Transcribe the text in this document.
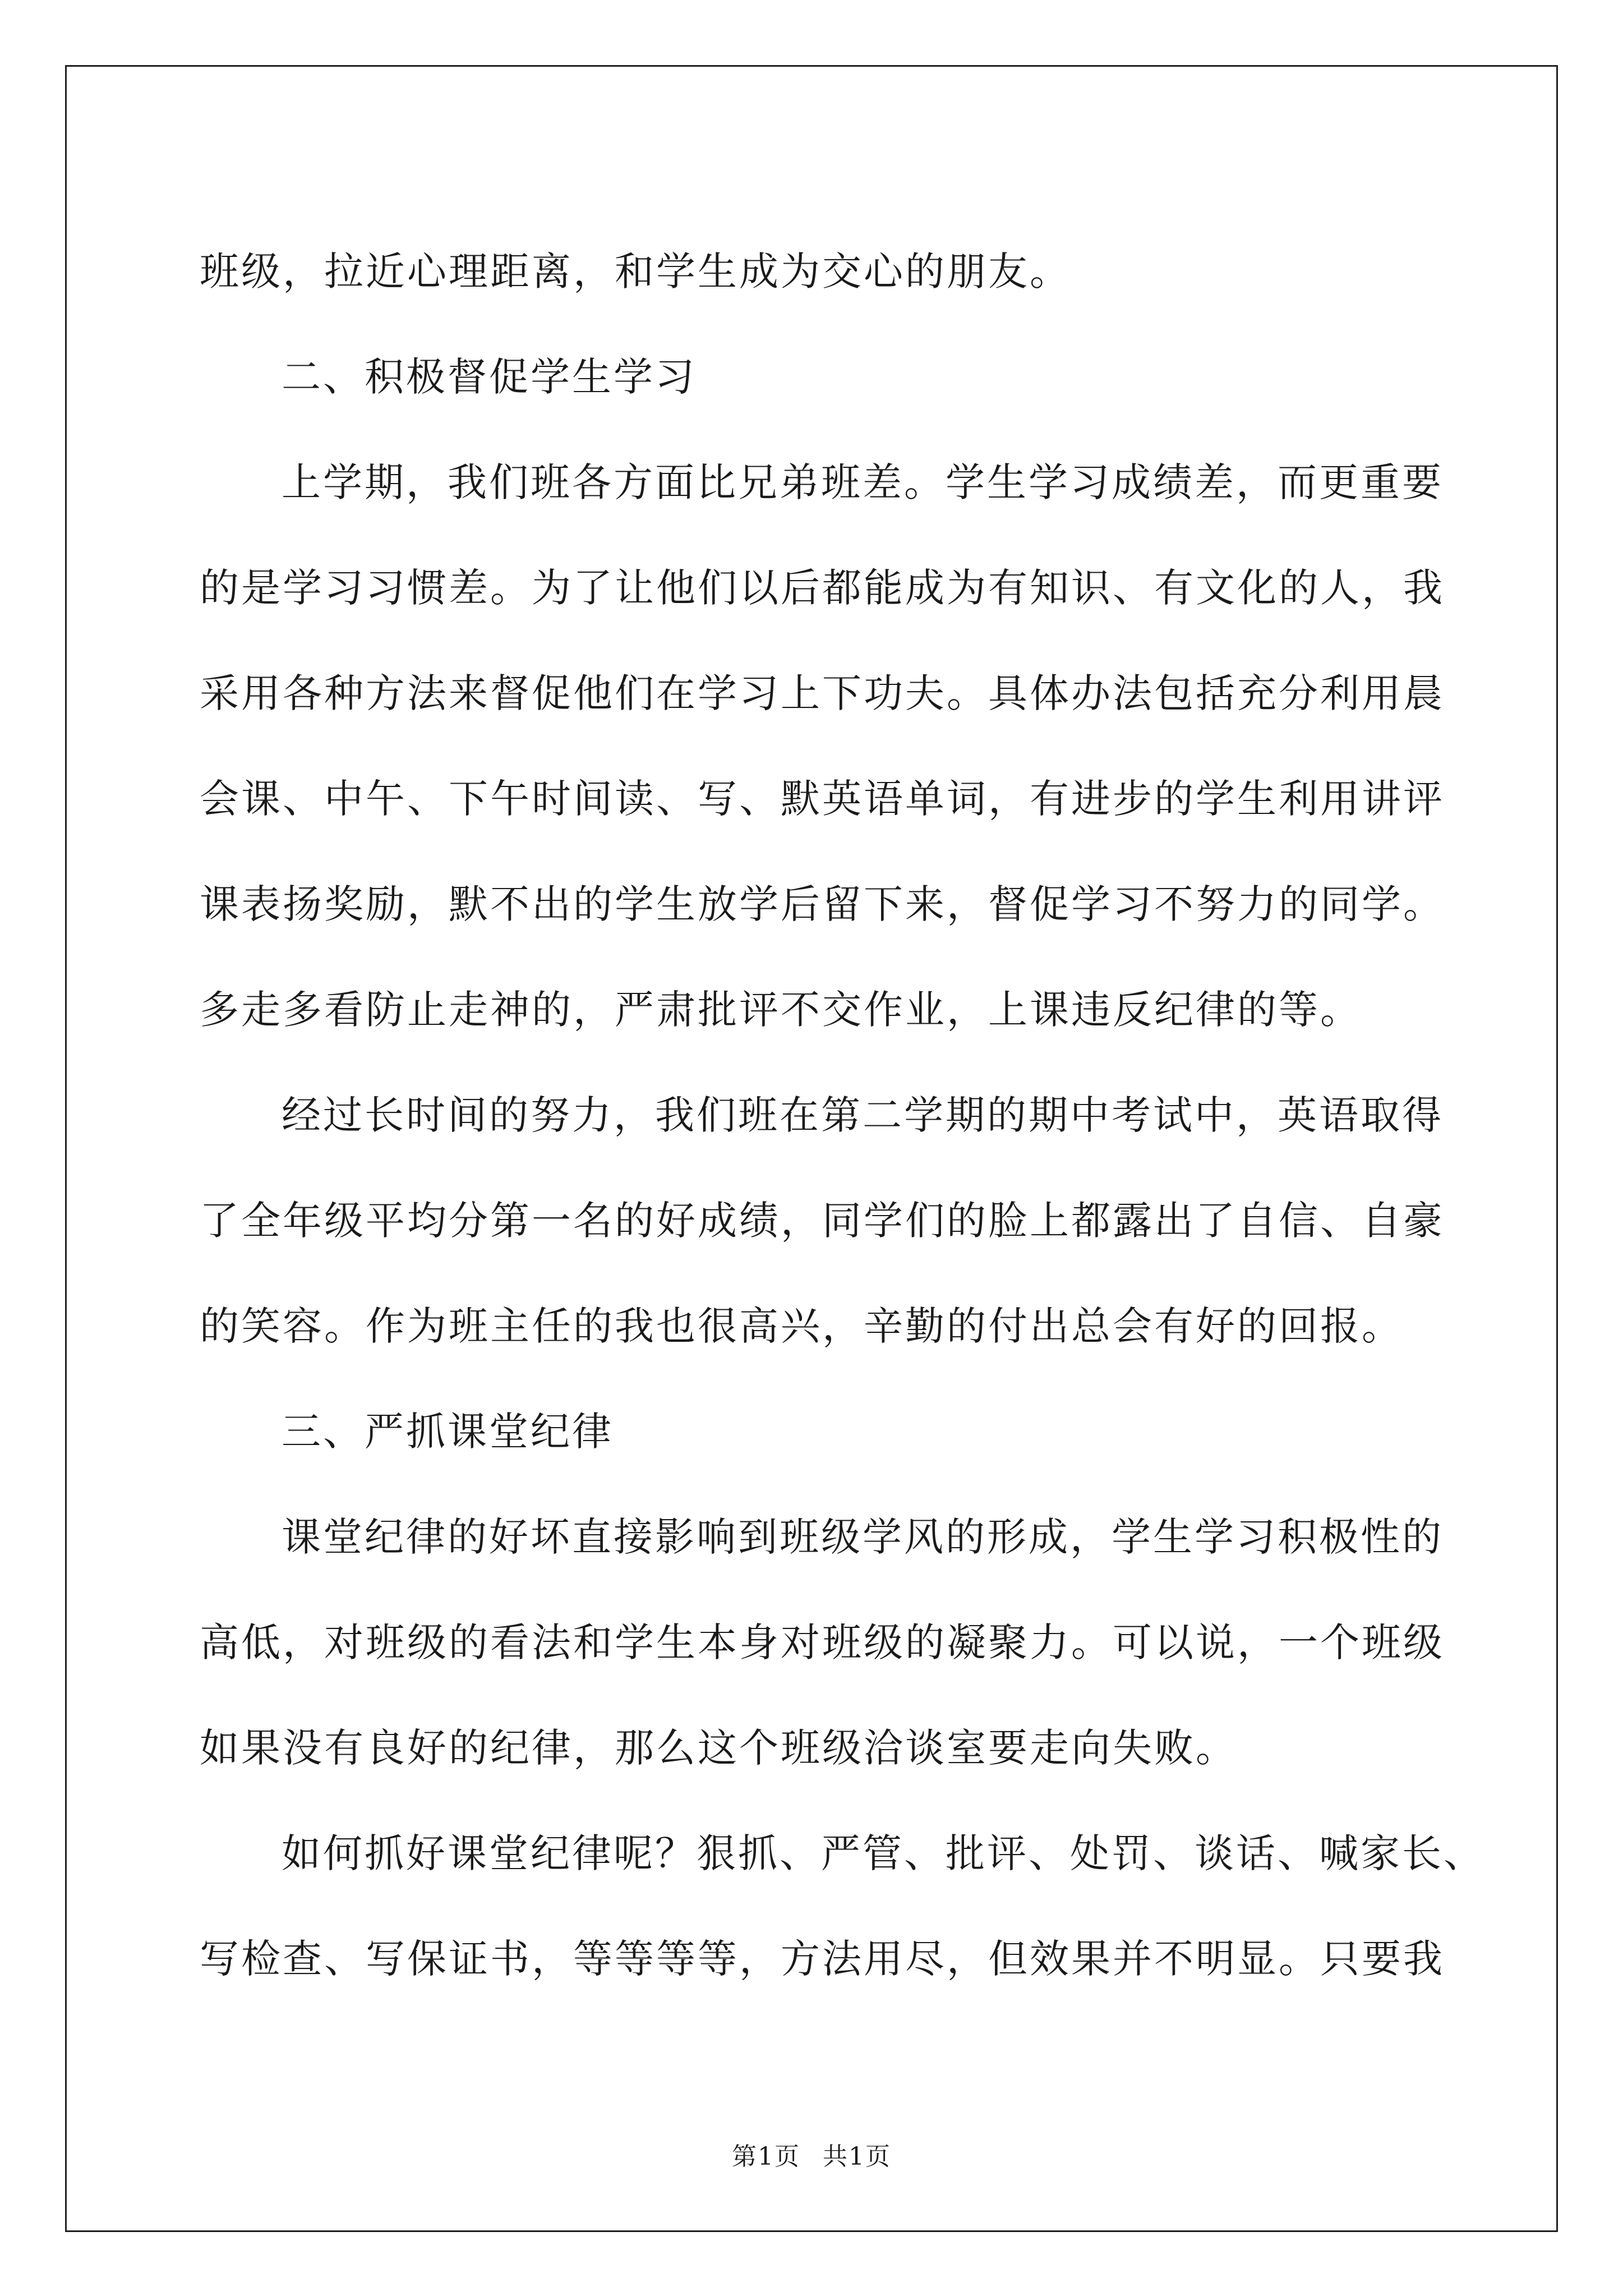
班级，拉近心理距离，和学生成为交心的朋友。
二、积极督促学生学习
上学期，我们班各方面比兄弟班差。学生学习成绩差，而更重要
的是学习习惯差。为了让他们以后都能成为有知识、有文化的人，我
采用各种方法来督促他们在学习上下功夫。具体办法包括充分利用晨
会课、中午、下午时间读、写、默英语单词，有进步的学生利用讲评
课表扬奖励，默不出的学生放学后留下来，督促学习不努力的同学。
多走多看防止走神的，严肃批评不交作业，上课违反纪律的等。
经过长时间的努力，我们班在第二学期的期中考试中，英语取得
了全年级平均分第一名的好成绩，同学们的脸上都露出了自信、自豪
的笑容。作为班主任的我也很高兴，辛勤的付出总会有好的回报。
三、严抓课堂纪律
课堂纪律的好坏直接影响到班级学风的形成，学生学习积极性的
高低，对班级的看法和学生本身对班级的凝聚力。可以说，一个班级
如果没有良好的纪律，那么这个班级洽谈室要走向失败。
如何抓好课堂纪律呢？狠抓、严管、批评、处罚、谈话、喊家长、
写检查、写保证书，等等等等，方法用尽，但效果并不明显。只要我
第1页 共1页
